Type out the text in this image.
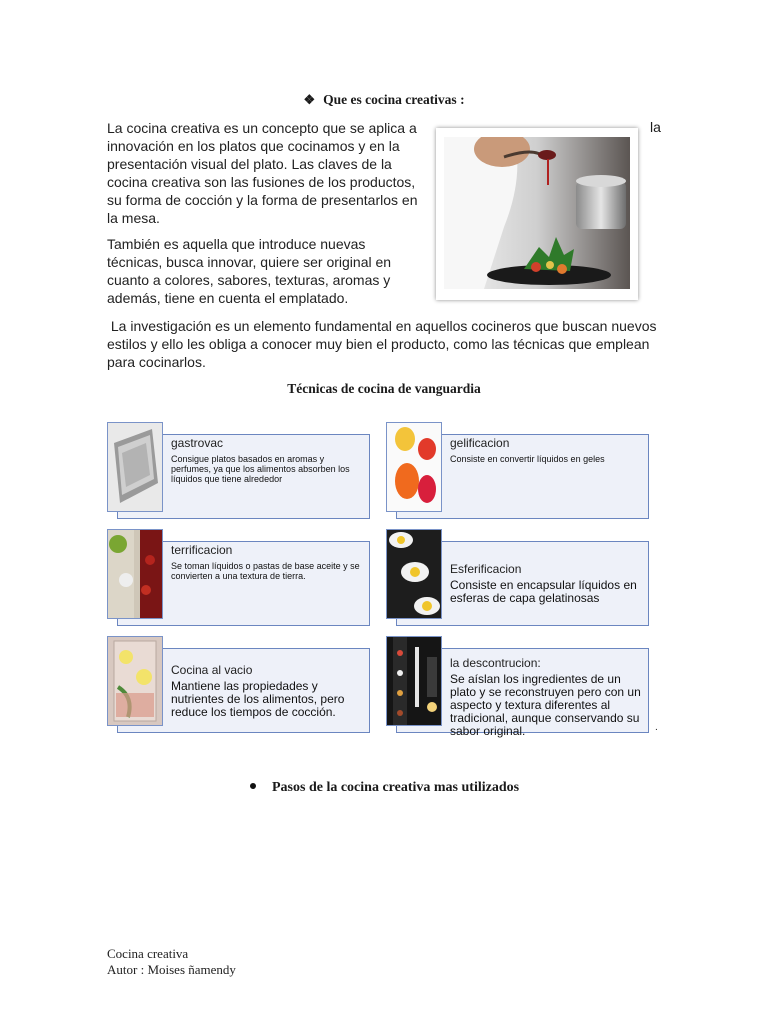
❖ Que es cocina creativas :
La cocina creativa es un concepto que se aplica a
innovación en los platos que cocinamos y en la
presentación visual del plato. Las claves de la
cocina creativa son las fusiones de los productos,
su forma de cocción y la forma de presentarlos en
la mesa.
la
También es aquella que introduce nuevas
técnicas, busca innovar, quiere ser original en
cuanto a colores, sabores, texturas, aromas y
además, tiene en cuenta el emplatado.
La investigación es un elemento fundamental en aquellos cocineros que buscan nuevos
estilos y ello les obliga a conocer muy bien el producto, como las técnicas que emplean
para cocinarlos.
Técnicas de cocina de vanguardia
gastrovac
Consigue platos basados en aromas y perfumes, ya que los alimentos absorben los líquidos que tiene alrededor
gelificacion
Consiste en convertir líquidos en geles
terrificacion
Se toman líquidos o pastas de base aceite y se convierten a una textura de tierra.	Esferificacion
Consiste en encapsular líquidos en esferas de capa gelatinosas
Cocina al vacio
Mantiene las propiedades y nutrientes de los alimentos, pero reduce los tiempos de cocción.
la descontrucion:
Se aíslan los ingredientes de un plato y se reconstruyen pero con un aspecto y textura diferentes al tradicional, aunque conservando su sabor original.	.
Pasos de la cocina creativa mas utilizados
Cocina creativa
Autor : Moises ñamendy
